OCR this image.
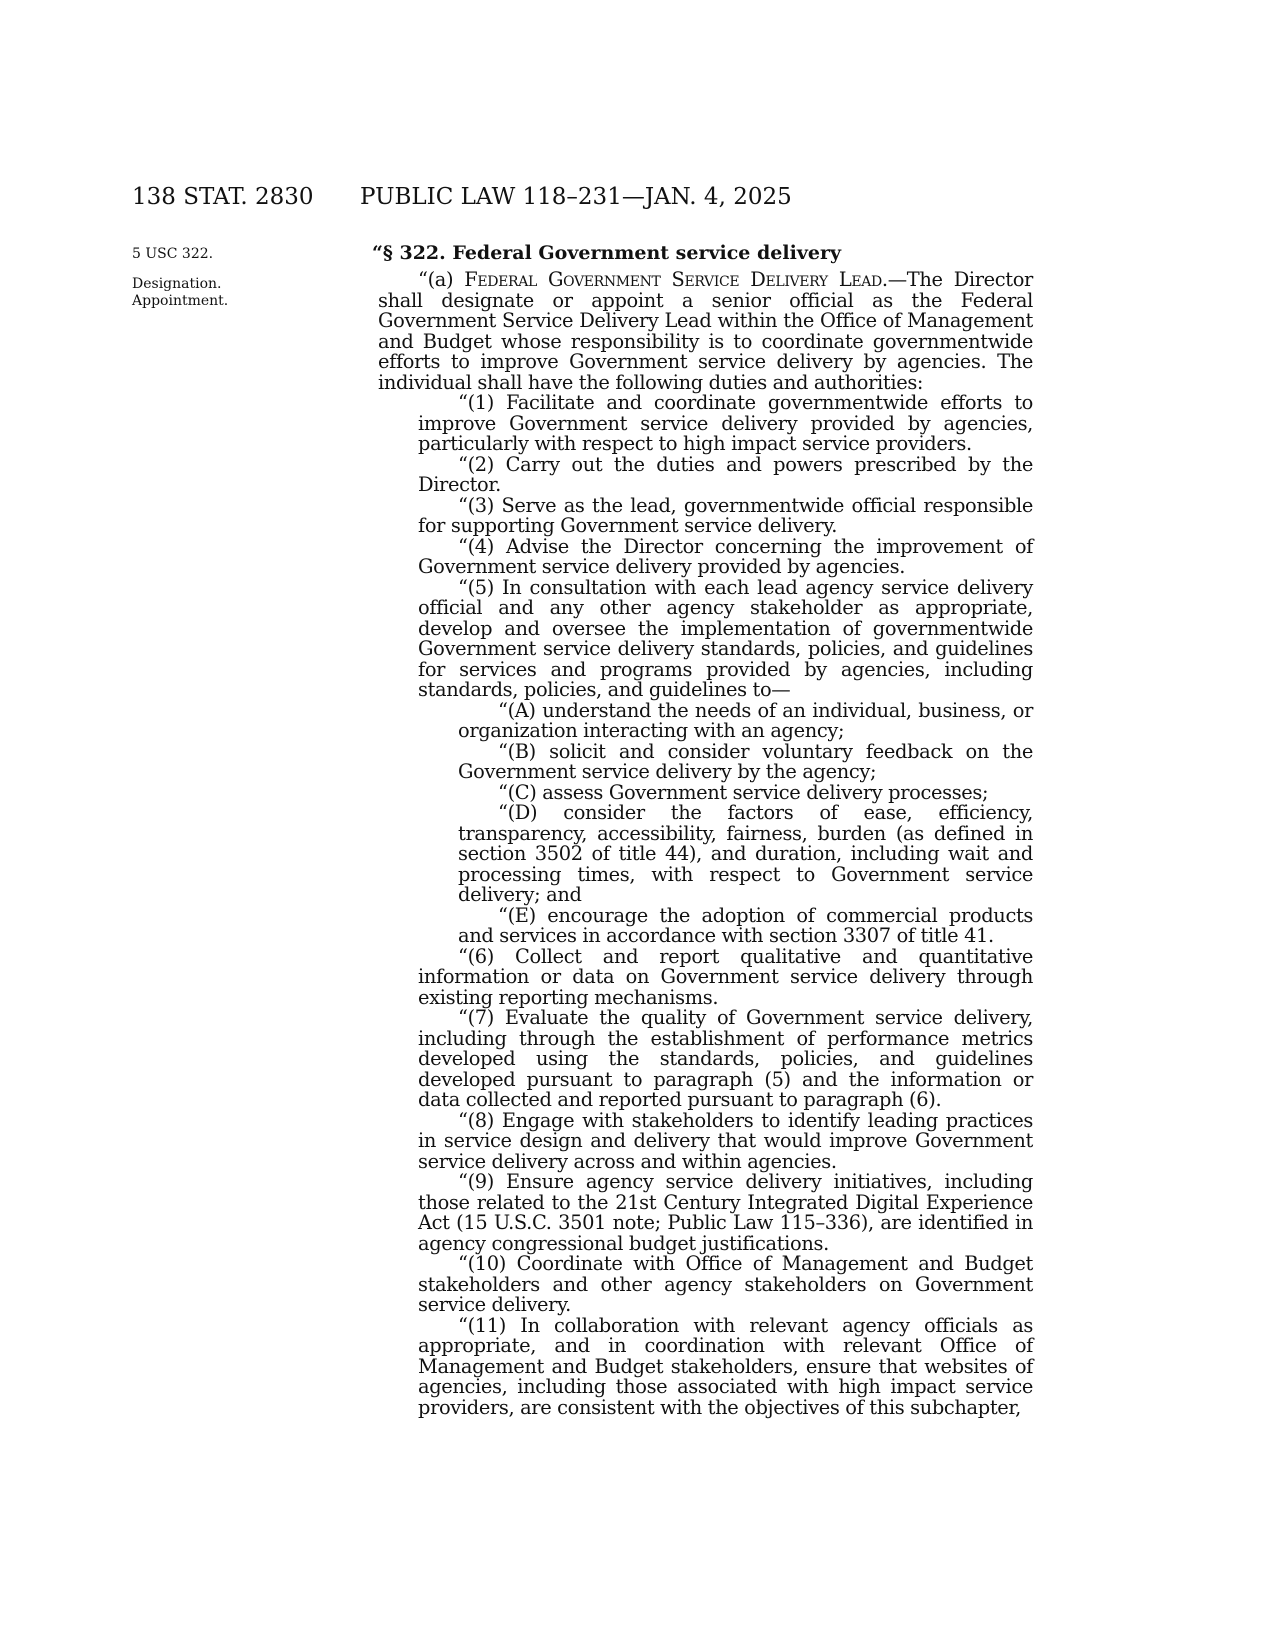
138 STAT. 2830 PUBLIC LAW 118–231—JAN. 4, 2025
5 USC 322.
Designation.
Appointment.
“§ 322. Federal Government service delivery

“(a) Federal Government Service Delivery Lead.—The Director shall designate or appoint a senior official as the Federal Government Service Delivery Lead within the Office of Management and Budget whose responsibility is to coordinate governmentwide efforts to improve Government service delivery by agencies. The individual shall have the following duties and authorities:

“(1) Facilitate and coordinate governmentwide efforts to improve Government service delivery provided by agencies, particularly with respect to high impact service providers.

“(2) Carry out the duties and powers prescribed by the Director.

“(3) Serve as the lead, governmentwide official responsible for supporting Government service delivery.

“(4) Advise the Director concerning the improvement of Government service delivery provided by agencies.

“(5) In consultation with each lead agency service delivery official and any other agency stakeholder as appropriate, develop and oversee the implementation of governmentwide Government service delivery standards, policies, and guidelines for services and programs provided by agencies, including standards, policies, and guidelines to—

“(A) understand the needs of an individual, business, or organization interacting with an agency;

“(B) solicit and consider voluntary feedback on the Government service delivery by the agency;

“(C) assess Government service delivery processes;

“(D) consider the factors of ease, efficiency, transparency, accessibility, fairness, burden (as defined in section 3502 of title 44), and duration, including wait and processing times, with respect to Government service delivery; and

“(E) encourage the adoption of commercial products and services in accordance with section 3307 of title 41.

“(6) Collect and report qualitative and quantitative information or data on Government service delivery through existing reporting mechanisms.

“(7) Evaluate the quality of Government service delivery, including through the establishment of performance metrics developed using the standards, policies, and guidelines developed pursuant to paragraph (5) and the information or data collected and reported pursuant to paragraph (6).

“(8) Engage with stakeholders to identify leading practices in service design and delivery that would improve Government service delivery across and within agencies.

“(9) Ensure agency service delivery initiatives, including those related to the 21st Century Integrated Digital Experience Act (15 U.S.C. 3501 note; Public Law 115–336), are identified in agency congressional budget justifications.

“(10) Coordinate with Office of Management and Budget stakeholders and other agency stakeholders on Government service delivery.

“(11) In collaboration with relevant agency officials as appropriate, and in coordination with relevant Office of Management and Budget stakeholders, ensure that websites of agencies, including those associated with high impact service providers, are consistent with the objectives of this subchapter,
